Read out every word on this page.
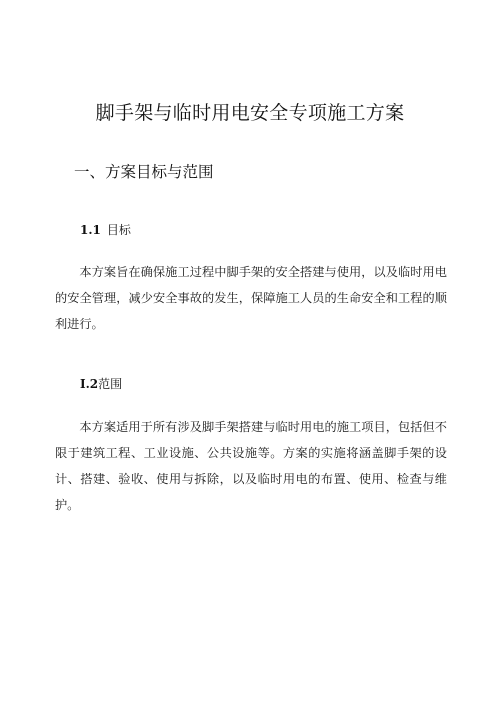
脚手架与临时用电安全专项施工方案
一、方案目标与范围
1.1 目标

本方案旨在确保施工过程中脚手架的安全搭建与使用，以及临时用电的安全管理，减少安全事故的发生，保障施工人员的生命安全和工程的顺利进行。

I.2范围

本方案适用于所有涉及脚手架搭建与临时用电的施工项目，包括但不限于建筑工程、工业设施、公共设施等。方案的实施将涵盖脚手架的设计、搭建、验收、使用与拆除，以及临时用电的布置、使用、检查与维护。
